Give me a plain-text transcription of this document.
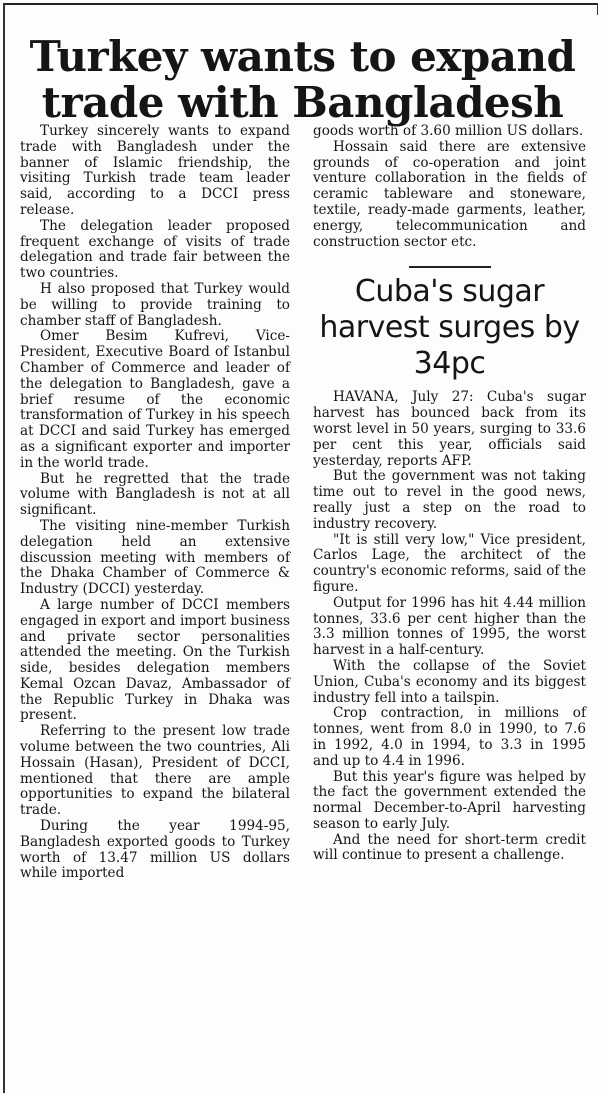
Turkey wants to expand trade with Bangladesh

Turkey sincerely wants to expand trade with Bangladesh under the banner of Islamic friendship, the visiting Turkish trade team leader said, according to a DCCI press release.

The delegation leader proposed frequent exchange of visits of trade delegation and trade fair between the two countries.

H also proposed that Turkey would be willing to provide training to chamber staff of Bangladesh.

Omer Besim Kufrevi, Vice-President, Executive Board of Istanbul Chamber of Commerce and leader of the delegation to Bangladesh, gave a brief resume of the economic transformation of Turkey in his speech at DCCI and said Turkey has emerged as a significant exporter and importer in the world trade.

But he regretted that the trade volume with Bangladesh is not at all significant.

The visiting nine-member Turkish delegation held an extensive discussion meeting with members of the Dhaka Chamber of Commerce & Industry (DCCI) yesterday.

A large number of DCCI members engaged in export and import business and private sector personalities attended the meeting. On the Turkish side, besides delegation members Kemal Ozcan Davaz, Ambassador of the Republic Turkey in Dhaka was present.

Referring to the present low trade volume between the two countries, Ali Hossain (Hasan), President of DCCI, mentioned that there are ample opportunities to expand the bilateral trade.

During the year 1994-95, Bangladesh exported goods to Turkey worth of 13.47 million US dollars while imported

goods worth of 3.60 million US dollars.

Hossain said there are extensive grounds of co-operation and joint venture collaboration in the fields of ceramic tableware and stoneware, textile, ready-made garments, leather, energy, telecommunication and construction sector etc.

Cuba's sugar harvest surges by 34pc

HAVANA, July 27: Cuba's sugar harvest has bounced back from its worst level in 50 years, surging to 33.6 per cent this year, officials said yesterday, reports AFP.

But the government was not taking time out to revel in the good news, really just a step on the road to industry recovery.

"It is still very low," Vice president, Carlos Lage, the architect of the country's economic reforms, said of the figure.

Output for 1996 has hit 4.44 million tonnes, 33.6 per cent higher than the 3.3 million tonnes of 1995, the worst harvest in a half-century.

With the collapse of the Soviet Union, Cuba's economy and its biggest industry fell into a tailspin.

Crop contraction, in millions of tonnes, went from 8.0 in 1990, to 7.6 in 1992, 4.0 in 1994, to 3.3 in 1995 and up to 4.4 in 1996.

But this year's figure was helped by the fact the government extended the normal December-to-April harvesting season to early July.

And the need for short-term credit will continue to present a challenge.
